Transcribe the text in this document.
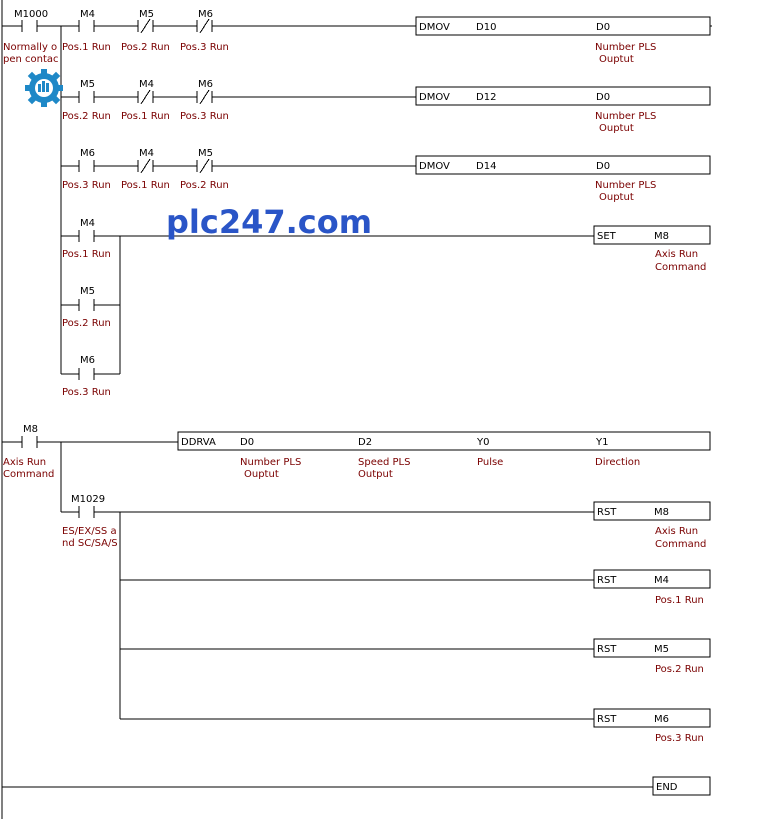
M1000
Normally o
pen contac
M4
Pos.1 Run
M5
Pos.2 Run
M6
Pos.3 Run
DMOV	D10	D0
Number PLS
Ouptut
M5
Pos.2 Run
M4
Pos.1 Run
M6
Pos.3 Run
DMOV	D12	D0
Number PLS
Ouptut
M6
Pos.3 Run
M4
Pos.1 Run
M5
Pos.2 Run
DMOV	D14	D0
Number PLS
Ouptut
M4
Pos.1 Run
plc247.com	SET	M8
Axis Run
Command
M5
Pos.2 Run
M6
Pos.3 Run
M8
Axis Run
Command
DDRVA D0	D2	Y0	Y1
Number PLS
Ouptut
Speed PLS
Output
Pulse	Direction
M1029
ES/EX/SS a
nd SC/SA/S
RST	M8
Axis Run
Command
RST	M4
Pos.1 Run
RST	M5
Pos.2 Run
RST	M6
Pos.3 Run
END
